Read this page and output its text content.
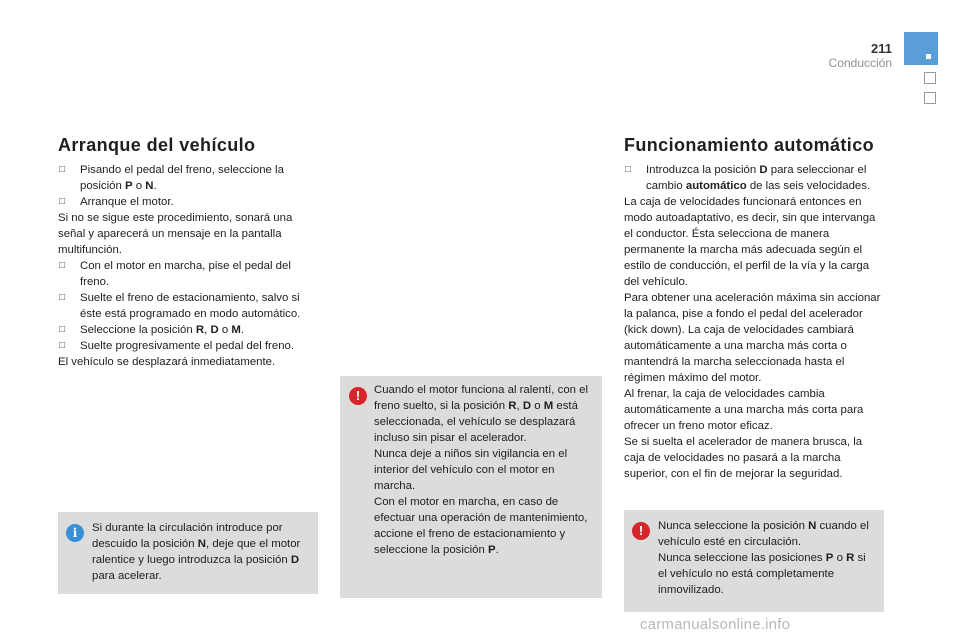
211
Conducción
Arranque del vehículo

□ Pisando el pedal del freno, seleccione la
posición P o N.

□ Arranque el motor.

Si no se sigue este procedimiento, sonará una señal y aparecerá un mensaje en la pantalla multifunción.

□ Con el motor en marcha, pise el pedal del freno.

□ Suelte el freno de estacionamiento, salvo si éste está programado en modo automático.

□ Seleccione la posición R, D o M.

□ Suelte progresivamente el pedal del freno.

El vehículo se desplazará inmediatamente.

i	Si durante la circulación introduce por descuido la posición N, deje que el motor ralentice y luego introduzca la posición D para acelerar.

!	Cuando el motor funciona al ralentí, con el freno suelto, si la posición R, D o M está seleccionada, el vehículo se desplazará incluso sin pisar el acelerador.

Nunca deje a niños sin vigilancia en el interior del vehículo con el motor en marcha.

Con el motor en marcha, en caso de efectuar una operación de mantenimiento, accione el freno de estacionamiento y seleccione la posición P.

Funcionamiento automático

□ Introduzca la posición D para seleccionar el cambio automático de las seis velocidades.

La caja de velocidades funcionará entonces en modo autoadaptativo, es decir, sin que intervanga el conductor. Ésta selecciona de manera permanente la marcha más adecuada según el estilo de conducción, el perfil de la vía y la carga del vehículo.

Para obtener una aceleración máxima sin accionar la palanca, pise a fondo el pedal del acelerador (kick down). La caja de velocidades cambiará automáticamente a una marcha más corta o mantendrá la marcha seleccionada hasta el régimen máximo del motor.

Al frenar, la caja de velocidades cambia automáticamente a una marcha más corta para ofrecer un freno motor eficaz.

Se si suelta el acelerador de manera brusca, la caja de velocidades no pasará a la marcha superior, con el fin de mejorar la seguridad.

!	Nunca seleccione la posición N cuando el vehículo esté en circulación.

Nunca seleccione las posiciones P o R si el vehículo no está completamente inmovilizado.

carmanualsonline.info
